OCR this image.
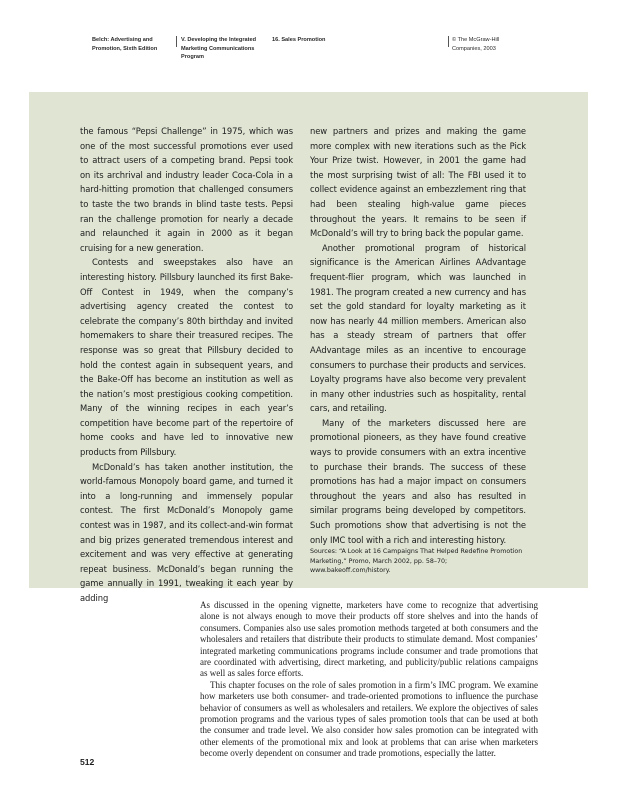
Belch: Advertising and Promotion, Sixth Edition
V. Developing the Integrated Marketing Communications Program
16. Sales Promotion	© The McGraw-Hill Companies, 2003

the famous “Pepsi Challenge” in 1975, which was one of the most successful promotions ever used to attract users of a competing brand. Pepsi took on its archrival and industry leader Coca-Cola in a hard-hitting promotion that challenged consumers to taste the two brands in blind taste tests. Pepsi ran the challenge promotion for nearly a decade and relaunched it again in 2000 as it began cruising for a new generation.

Contests and sweepstakes also have an interesting history. Pillsbury launched its first Bake-Off Contest in 1949, when the company’s advertising agency created the contest to celebrate the company’s 80th birthday and invited homemakers to share their treasured recipes. The response was so great that Pillsbury decided to hold the contest again in subsequent years, and the Bake-Off has become an institution as well as the nation’s most prestigious cooking competition. Many of the winning recipes in each year’s competition have become part of the repertoire of home cooks and have led to innovative new products from Pillsbury.

McDonald’s has taken another institution, the world-famous Monopoly board game, and turned it into a long-running and immensely popular contest. The first McDonald’s Monopoly game contest was in 1987, and its collect-and-win format and big prizes generated tremendous interest and excitement and was very effective at generating repeat business. McDonald’s began running the game annually in 1991, tweaking it each year by adding

new partners and prizes and making the game more complex with new iterations such as the Pick Your Prize twist. However, in 2001 the game had the most surprising twist of all: The FBI used it to collect evidence against an embezzlement ring that had been stealing high-value game pieces throughout the years. It remains to be seen if McDonald’s will try to bring back the popular game.

Another promotional program of historical significance is the American Airlines AAdvantage frequent-flier program, which was launched in 1981. The program created a new currency and has set the gold standard for loyalty marketing as it now has nearly 44 million members. American also has a steady stream of partners that offer AAdvantage miles as an incentive to encourage consumers to purchase their products and services. Loyalty programs have also become very prevalent in many other industries such as hospitality, rental cars, and retailing.

Many of the marketers discussed here are promotional pioneers, as they have found creative ways to provide consumers with an extra incentive to purchase their brands. The success of these promotions has had a major impact on consumers throughout the years and also has resulted in similar programs being developed by competitors. Such promotions show that advertising is not the only IMC tool with a rich and interesting history.

Sources: “A Look at 16 Campaigns That Helped Redefine Promotion Marketing,” Promo, March 2002, pp. 58–70; www.bakeoff.com/history.

As discussed in the opening vignette, marketers have come to recognize that advertising alone is not always enough to move their products off store shelves and into the hands of consumers. Companies also use sales promotion methods targeted at both consumers and the wholesalers and retailers that distribute their products to stimulate demand. Most companies’ integrated marketing communications programs include consumer and trade promotions that are coordinated with advertising, direct marketing, and publicity/public relations campaigns as well as sales force efforts.

This chapter focuses on the role of sales promotion in a firm’s IMC program. We examine how marketers use both consumer- and trade-oriented promotions to influence the purchase behavior of consumers as well as wholesalers and retailers. We explore the objectives of sales promotion programs and the various types of sales promotion tools that can be used at both the consumer and trade level. We also consider how sales promotion can be integrated with other elements of the promotional mix and look at problems that can arise when marketers become overly dependent on consumer and trade promotions, especially the latter.

512
